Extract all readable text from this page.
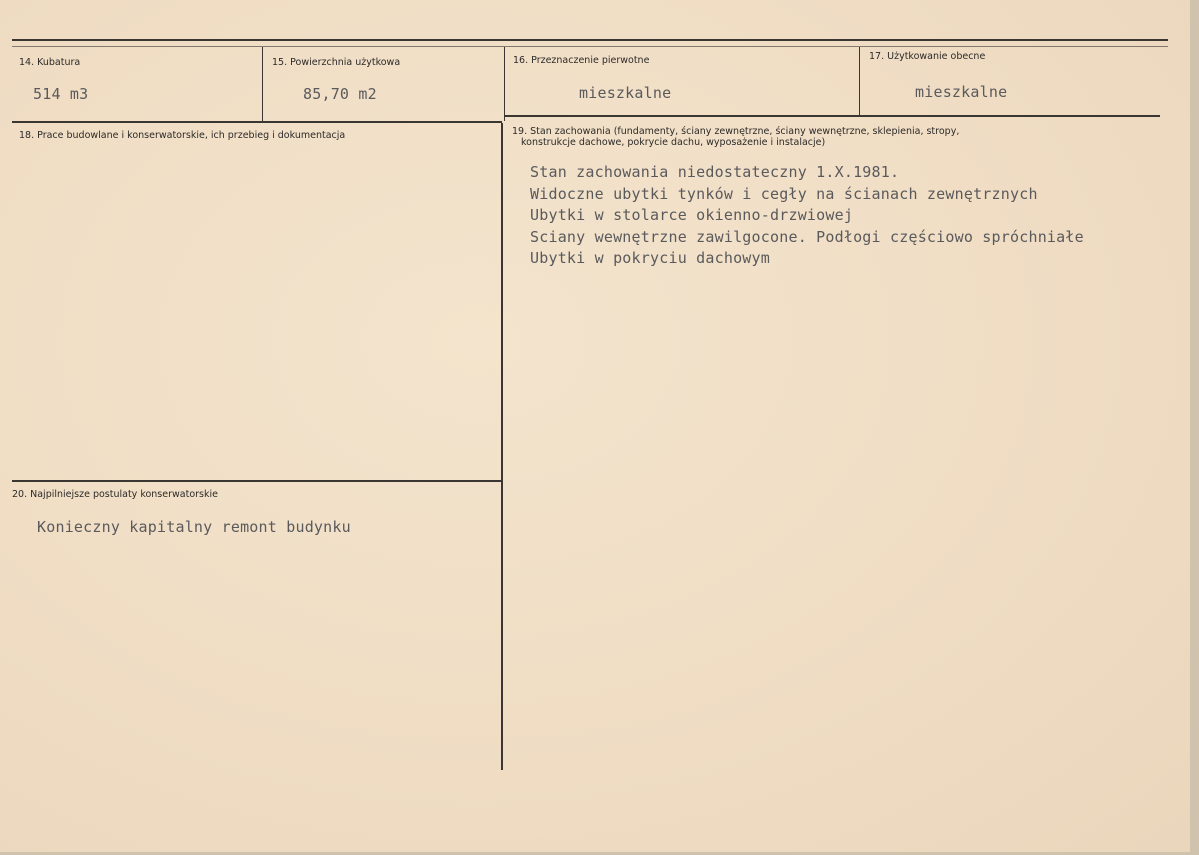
14. Kubatura
514 m3
15. Powierzchnia użytkowa
85,70 m2
16. Przeznaczenie pierwotne
mieszkalne
17. Użytkowanie obecne
mieszkalne
18. Prace budowlane i konserwatorskie, ich przebieg i dokumentacja	19. Stan zachowania (fundamenty, ściany zewnętrzne, ściany wewnętrzne, sklepienia, stropy,
konstrukcje dachowe, pokrycie dachu, wyposażenie i instalacje)
Stan zachowania niedostateczny 1.X.1981.
Widoczne ubytki tynków i cegły na ścianach zewnętrznych
Ubytki w stolarce okienno-drzwiowej
Sciany wewnętrzne zawilgocone. Podłogi częściowo spróchniałe
Ubytki w pokryciu dachowym
20. Najpilniejsze postulaty konserwatorskie
Konieczny kapitalny remont budynku
